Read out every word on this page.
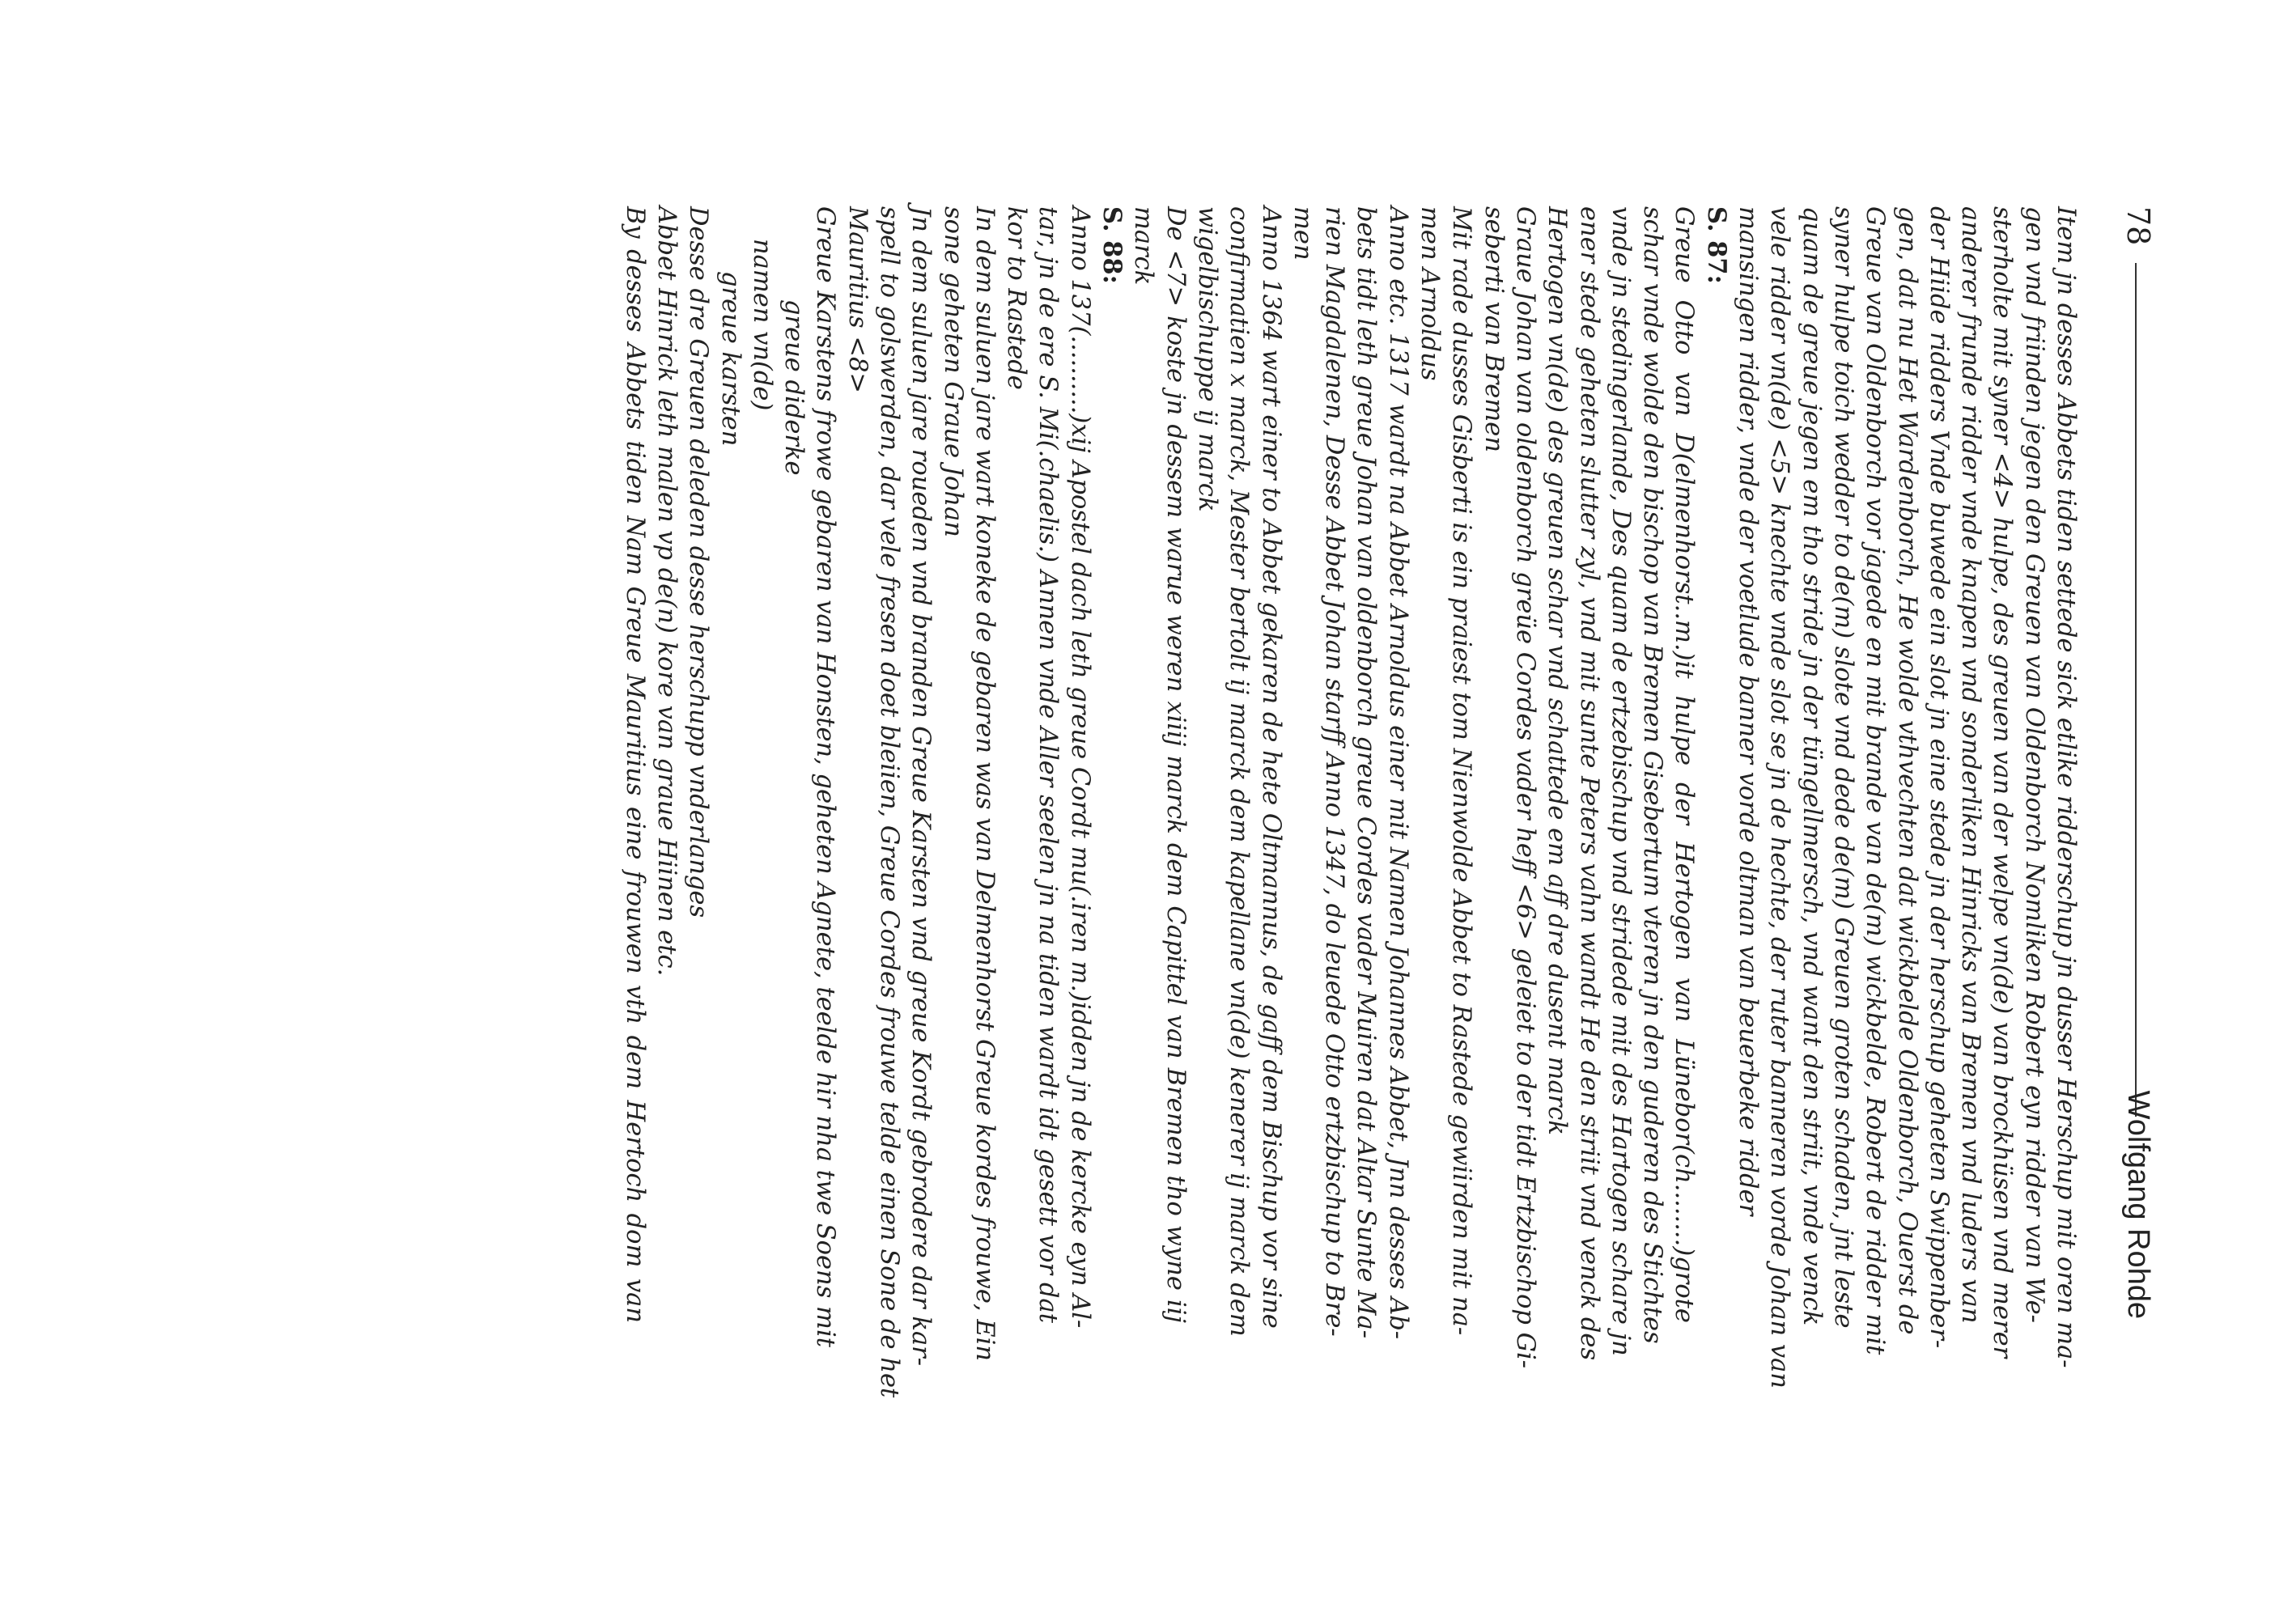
78
Wolfgang Rohde
Item jn desses Abbets tiden settede sick etlike ridderschup jn dusser Herschup mit oren ma-
gen vnd friinden jegen den Greuen van Oldenborch Nomliken Robert eyn ridder van We-
sterholte mit syner <4> hulpe, des greuen van der welpe vn(de) van brockhüsen vnd merer
anderer frunde ridder vnde knapen vnd sonderliken Hinricks van Bremen vnd luders van
der Hiide ridders Vnde buwede ein slot jn eine stede jn der herschup geheten Swippenber-
gen, dat nu Het Wardenborch, He wolde vthvechten dat wickbelde Oldenborch, Ouerst de
Greue van Oldenborch vor jagede en mit brande van de(m) wickbelde, Robert de ridder mit
syner hulpe toich wedder to de(m) slote vnd dede de(m) Greuen groten schaden, jnt leste
quam de greue jegen em tho stride jn der tüngellmersch, vnd want den striit, vnde venck
vele ridder vn(de) <5> knechte vnde slot se jn de hechte, der ruter banneren vorde Johan van
mansingen ridder, vnde der voetlude banner vorde oltman van beuerbeke ridder
S. 87:
Greue Otto van D(elmenhorst..m.)it hulpe der Hertogen van Lünebor(ch........)grote
schar vnde wolde den bischop van Bremen Gisebertum vteren jn den guderen des Stichtes
vnde jn stedingerlande, Des quam de ertzebischup vnd stridede mit des Hartogen schare jn
ener stede geheten slutter zyl, vnd mit sunte Peters vahn wandt He den striit vnd venck des
Hertogen vn(de) des greuen schar vnd schattede em aff dre dusent marck
Graue Johan van oldenborch greüe Cordes vader heff <6> geleiet to der tidt Ertzbischop Gi-
seberti van Bremen
Mit rade dusses Gisberti is ein praiest tom Nienwolde Abbet to Rastede gewiirden mit na-
men Arnoldus
Anno etc. 1317 wardt na Abbet Arnoldus einer mit Namen Johannes Abbet, Jnn desses Ab-
bets tidt leth greue Johan van oldenborch greue Cordes vader Muiren dat Altar Sunte Ma-
rien Magdalenen, Desse Abbet Johan starff Anno 1347, do leuede Otto ertzbischup to Bre-
men
Anno 1364 wart einer to Abbet gekaren de hete Oltmannus, de gaff dem Bischup vor sine
confirmatien x marck, Mester bertolt ij marck dem kapellane vn(de) kenerer ij marck dem
wigelbischuppe ij marck
De <7> koste jn dessem warue weren xiiij marck dem Capittel van Bremen tho wyne iij
marck
S. 88:
Anno 137(..........)xij Apostel dach leth greue Cordt mu(.iren m.)idden jn de kercke eyn Al-
tar, jn de ere S. Mi(.chaelis.) Annen vnde Aller seelen jn na tiden wardt idt gesett vor dat
kor to Rastede
In dem suluen jare wart koneke de gebaren was van Delmenhorst Greue kordes frouwe, Ein
sone geheten Graue Johan
Jn dem suluen jare roueden vnd branden Greue Karsten vnd greue Kordt gebrodere dar kar-
spell to golswerden, dar vele fresen doet bleiien, Greue Cordes frouwe telde einen Sone de het
Mauritius <8>
Greue Karstens frowe gebaren van Honsten, geheten Agnete, teelde hir nha twe Soens mit
greue diderke
namen vn(de)
greue karsten
Desse dre Greuen deleden desse herschupp vnderlanges
Abbet Hinrick leth malen vp de(n) kore van graue Hiinen etc.
By desses Abbets tiden Nam Greue Mauritius eine frouwen vth dem Hertoch dom van
